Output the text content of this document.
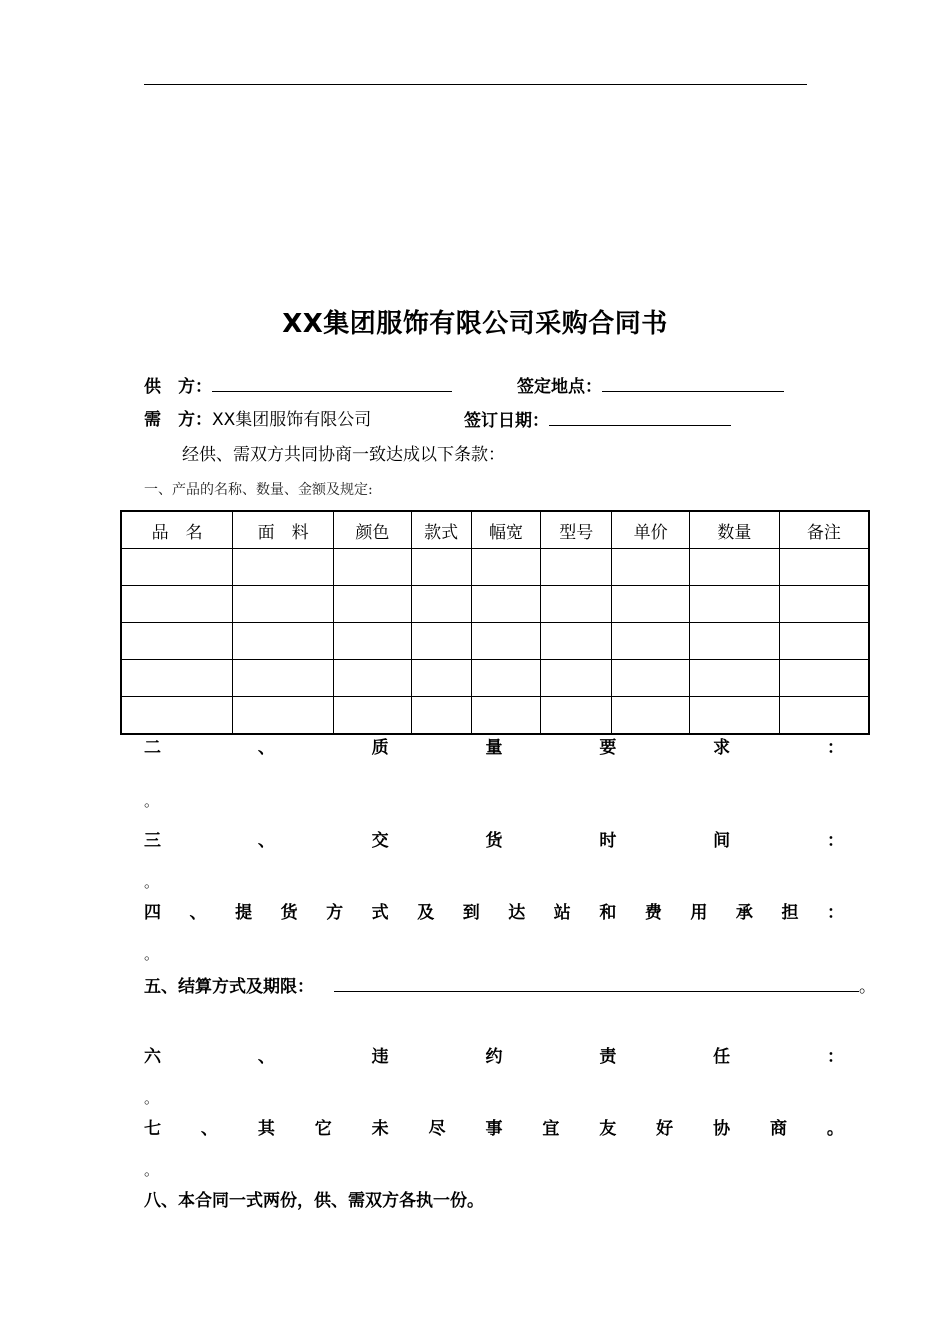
XX集团服饰有限公司采购合同书
供　方：	签定地点：
需　方：XX集团服饰有限公司	签订日期：
经供、需双方共同协商一致达成以下条款：
一、产品的名称、数量、金额及规定:
品　名	面　料	颜色	款式	幅宽	型号	单价	数量	备注

二	、	质	量	要	求	：
。
三	、	交	货	时	间	：
。
四 、 提 货 方 式 及 到 达 站 和 费 用 承 担 ：
。
五、结算方式及期限：	。
六	、	违	约	责	任	：
。
七 、 其 它 未 尽 事 宜 友 好 协 商 。
。
八、本合同一式两份，供、需双方各执一份。
